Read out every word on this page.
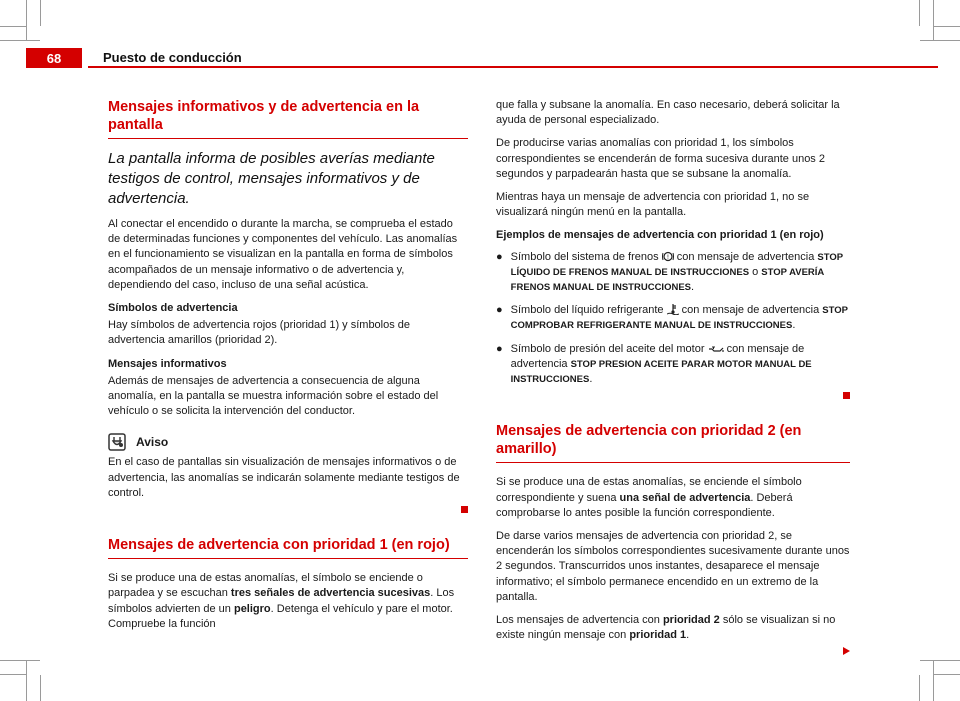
68	Puesto de conducción
Mensajes informativos y de advertencia en la pantalla
La pantalla informa de posibles averías mediante testigos de control, mensajes informativos y de advertencia.

Al conectar el encendido o durante la marcha, se comprueba el estado de determinadas funciones y componentes del vehículo. Las anomalías en el funcionamiento se visualizan en la pantalla en forma de símbolos acompañados de un mensaje informativo o de advertencia y, dependiendo del caso, incluso de una señal acústica.

Símbolos de advertencia

Hay símbolos de advertencia rojos (prioridad 1) y símbolos de advertencia amarillos (prioridad 2).

Mensajes informativos

Además de mensajes de advertencia a consecuencia de alguna anomalía, en la pantalla se muestra información sobre el estado del vehículo o se solicita la intervención del conductor.

Aviso

En el caso de pantallas sin visualización de mensajes informativos o de advertencia, las anomalías se indicarán solamente mediante testigos de control.

Mensajes de advertencia con prioridad 1 (en rojo)

Si se produce una de estas anomalías, el símbolo se enciende o parpadea y se escuchan tres señales de advertencia sucesivas. Los símbolos advierten de un peligro. Detenga el vehículo y pare el motor. Compruebe la función

que falla y subsane la anomalía. En caso necesario, deberá solicitar la ayuda de personal especializado.

De producirse varias anomalías con prioridad 1, los símbolos correspondientes se encenderán de forma sucesiva durante unos 2 segundos y parpadearán hasta que se subsane la anomalía.

Mientras haya un mensaje de advertencia con prioridad 1, no se visualizará ningún menú en la pantalla.

Ejemplos de mensajes de advertencia con prioridad 1 (en rojo)
● Símbolo del sistema de frenos ! con mensaje de advertencia STOP LÍQUIDO DE FRENOS MANUAL DE INSTRUCCIONES o STOP AVERÍA FRENOS MANUAL DE INSTRUCCIONES.
● Símbolo del líquido refrigerante  con mensaje de advertencia STOP COMPROBAR REFRIGERANTE MANUAL DE INSTRUCCIONES.
● Símbolo de presión del aceite del motor  con mensaje de advertencia STOP PRESION ACEITE PARAR MOTOR MANUAL DE INSTRUCCIONES.
Mensajes de advertencia con prioridad 2 (en amarillo)

Si se produce una de estas anomalías, se enciende el símbolo correspondiente y suena una señal de advertencia. Deberá comprobarse lo antes posible la función correspondiente.

De darse varios mensajes de advertencia con prioridad 2, se encenderán los símbolos correspondientes sucesivamente durante unos 2 segundos. Transcurridos unos instantes, desaparece el mensaje informativo; el símbolo permanece encendido en un extremo de la pantalla.

Los mensajes de advertencia con prioridad 2 sólo se visualizan si no existe ningún mensaje con prioridad 1.
